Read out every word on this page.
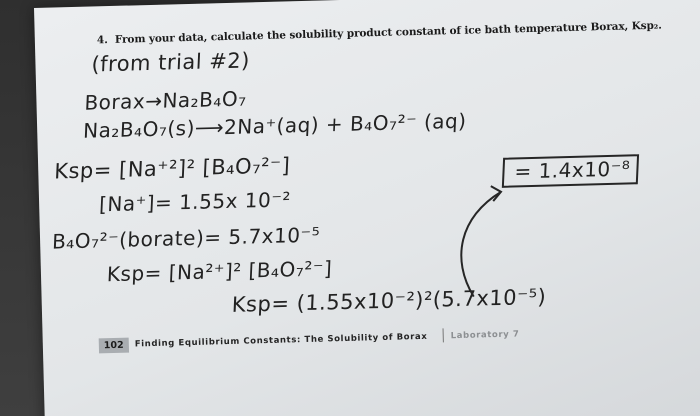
4. From your data, calculate the solubility product constant of ice bath temperature Borax, Ksp₂.
(from trial #2)
Borax→Na₂B₄O₇
Na₂B₄O₇(s)⟶2Na⁺(aq) + B₄O₇²⁻ (aq)
Ksp= [Na⁺²]² [B₄O₇²⁻]
[Na⁺]= 1.55x 10⁻²
B₄O₇²⁻(borate)= 5.7x10⁻⁵
Ksp= [Na²⁺]² [B₄O₇²⁻]
Ksp= (1.55x10⁻²)²(5.7x10⁻⁵)
= 1.4x10⁻⁸
102	Finding Equilibrium Constants: The Solubility of Borax	Laboratory 7
